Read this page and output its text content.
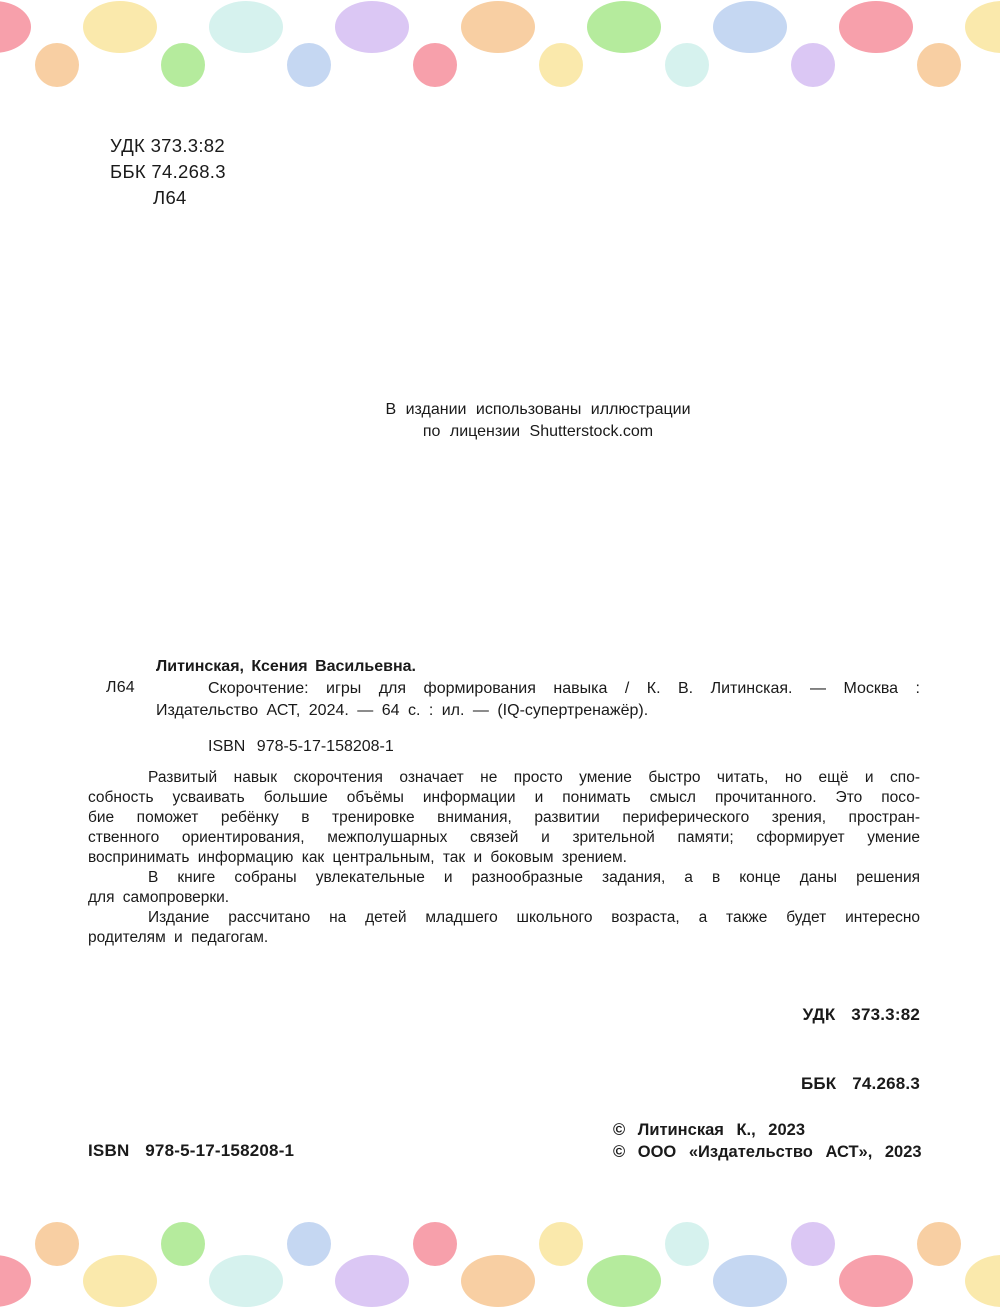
УДК 373.3:82
ББК 74.268.3
Л64
В издании использованы иллюстрации
по лицензии Shutterstock.com
Л64
Литинская, Ксения Васильевна.
Скорочтение: игры для формирования навыка / К. В. Литинская. — Москва :
Издательство АСТ, 2024. — 64 с. : ил. — (IQ-супертренажёр).
ISBN 978-5-17-158208-1
Развитый навык скорочтения означает не просто умение быстро читать, но ещё и спо-
собность усваивать большие объёмы информации и понимать смысл прочитанного. Это посо-
бие поможет ребёнку в тренировке внимания, развитии периферического зрения, простран-
ственного ориентирования, межполушарных связей и зрительной памяти; сформирует умение
воспринимать информацию как центральным, так и боковым зрением.
В книге собраны увлекательные и разнообразные задания, а в конце даны решения
для самопроверки.
Издание рассчитано на детей младшего школьного возраста, а также будет интересно
родителям и педагогам.

УДК  373.3:82

ББК  74.268.3

ISBN  978-5-17-158208-1
© Литинская К., 2023
© ООО «Издательство АСТ», 2023
